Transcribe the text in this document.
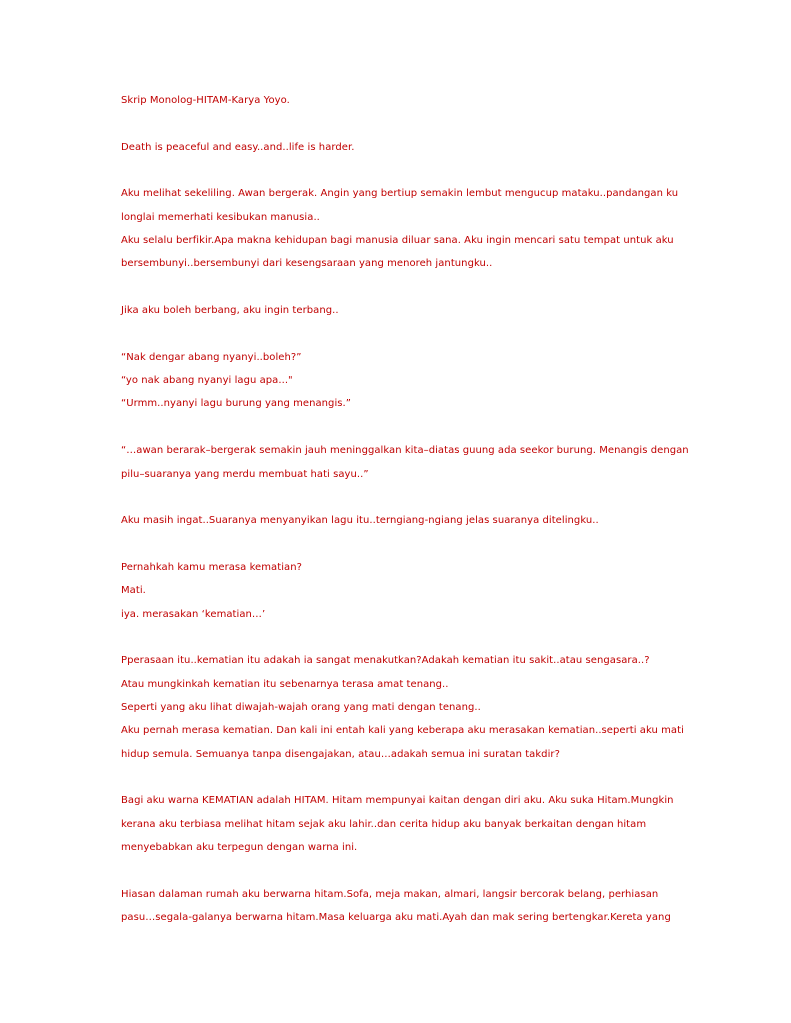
Skrip Monolog-HITAM-Karya Yoyo.
Death is peaceful and easy..and..life is harder.
Aku melihat sekeliling. Awan bergerak. Angin yang bertiup semakin lembut mengucup mataku..pandangan ku
longlai memerhati kesibukan manusia..
Aku selalu berfikir.Apa makna kehidupan bagi manusia diluar sana. Aku ingin mencari satu tempat untuk aku
bersembunyi..bersembunyi dari kesengsaraan yang menoreh jantungku..
Jika aku boleh berbang, aku ingin terbang..
“Nak dengar abang nyanyi..boleh?”
“yo nak abang nyanyi lagu apa..."
“Urmm..nyanyi lagu burung yang menangis.”
“…awan berarak–bergerak semakin jauh meninggalkan kita–diatas guung ada seekor burung. Menangis dengan
pilu–suaranya yang merdu membuat hati sayu..”
Aku masih ingat..Suaranya menyanyikan lagu itu..terngiang-ngiang jelas suaranya ditelingku..
Pernahkah kamu merasa kematian?
Mati.
iya. merasakan ‘kematian…’
Pperasaan itu..kematian itu adakah ia sangat menakutkan?Adakah kematian itu sakit..atau sengasara..?
Atau mungkinkah kematian itu sebenarnya terasa amat tenang..
Seperti yang aku lihat diwajah-wajah orang yang mati dengan tenang..
Aku pernah merasa kematian. Dan kali ini entah kali yang keberapa aku merasakan kematian..seperti aku mati
hidup semula. Semuanya tanpa disengajakan, atau…adakah semua ini suratan takdir?
Bagi aku warna KEMATIAN adalah HITAM. Hitam mempunyai kaitan dengan diri aku. Aku suka Hitam.Mungkin
kerana aku terbiasa melihat hitam sejak aku lahir..dan cerita hidup aku banyak berkaitan dengan hitam
menyebabkan aku terpegun dengan warna ini.
Hiasan dalaman rumah aku berwarna hitam.Sofa, meja makan, almari, langsir bercorak belang, perhiasan
pasu…segala-galanya berwarna hitam.Masa keluarga aku mati.Ayah dan mak sering bertengkar.Kereta yang
